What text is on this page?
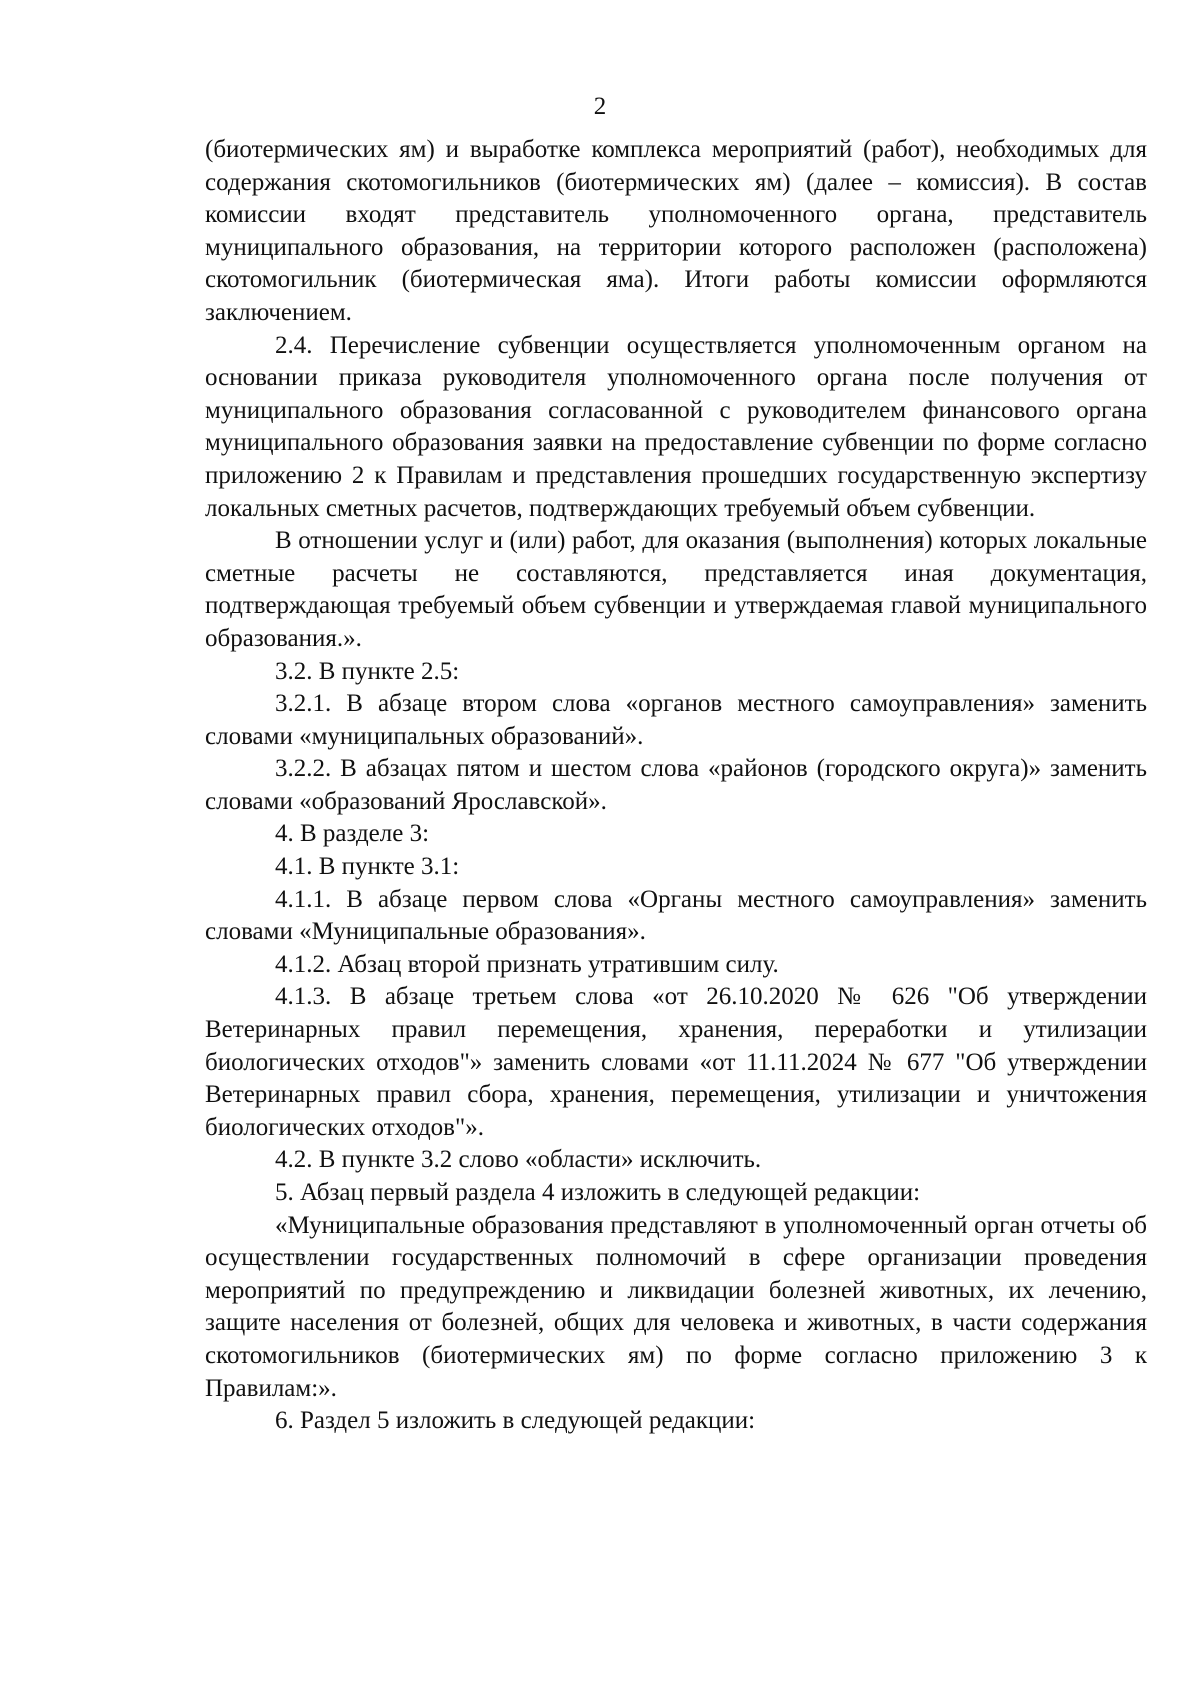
2

(биотермических ям) и выработке комплекса мероприятий (работ), необходимых для содержания скотомогильников (биотермических ям) (далее – комиссия). В состав комиссии входят представитель уполномоченного органа, представитель муниципального образования, на территории которого расположен (расположена) скотомогильник (биотермическая яма). Итоги работы комиссии оформляются заключением.

2.4. Перечисление субвенции осуществляется уполномоченным органом на основании приказа руководителя уполномоченного органа после получения от муниципального образования согласованной с руководителем финансового органа муниципального образования заявки на предоставление субвенции по форме согласно приложению 2 к Правилам и представления прошедших государственную экспертизу локальных сметных расчетов, подтверждающих требуемый объем субвенции.

В отношении услуг и (или) работ, для оказания (выполнения) которых локальные сметные расчеты не составляются, представляется иная документация, подтверждающая требуемый объем субвенции и утверждаемая главой муниципального образования.».

3.2. В пункте 2.5:

3.2.1. В абзаце втором слова «органов местного самоуправления» заменить словами «муниципальных образований».

3.2.2. В абзацах пятом и шестом слова «районов (городского округа)» заменить словами «образований Ярославской».

4. В разделе 3:

4.1. В пункте 3.1:

4.1.1. В абзаце первом слова «Органы местного самоуправления» заменить словами «Муниципальные образования».

4.1.2. Абзац второй признать утратившим силу.

4.1.3. В абзаце третьем слова «от 26.10.2020 № 626 "Об утверждении Ветеринарных правил перемещения, хранения, переработки и утилизации биологических отходов"» заменить словами «от 11.11.2024 № 677 "Об утверждении Ветеринарных правил сбора, хранения, перемещения, утилизации и уничтожения биологических отходов"».

4.2. В пункте 3.2 слово «области» исключить.

5. Абзац первый раздела 4 изложить в следующей редакции:

«Муниципальные образования представляют в уполномоченный орган отчеты об осуществлении государственных полномочий в сфере организации проведения мероприятий по предупреждению и ликвидации болезней животных, их лечению, защите населения от болезней, общих для человека и животных, в части содержания скотомогильников (биотермических ям) по форме согласно приложению 3 к Правилам:».

6. Раздел 5 изложить в следующей редакции:
